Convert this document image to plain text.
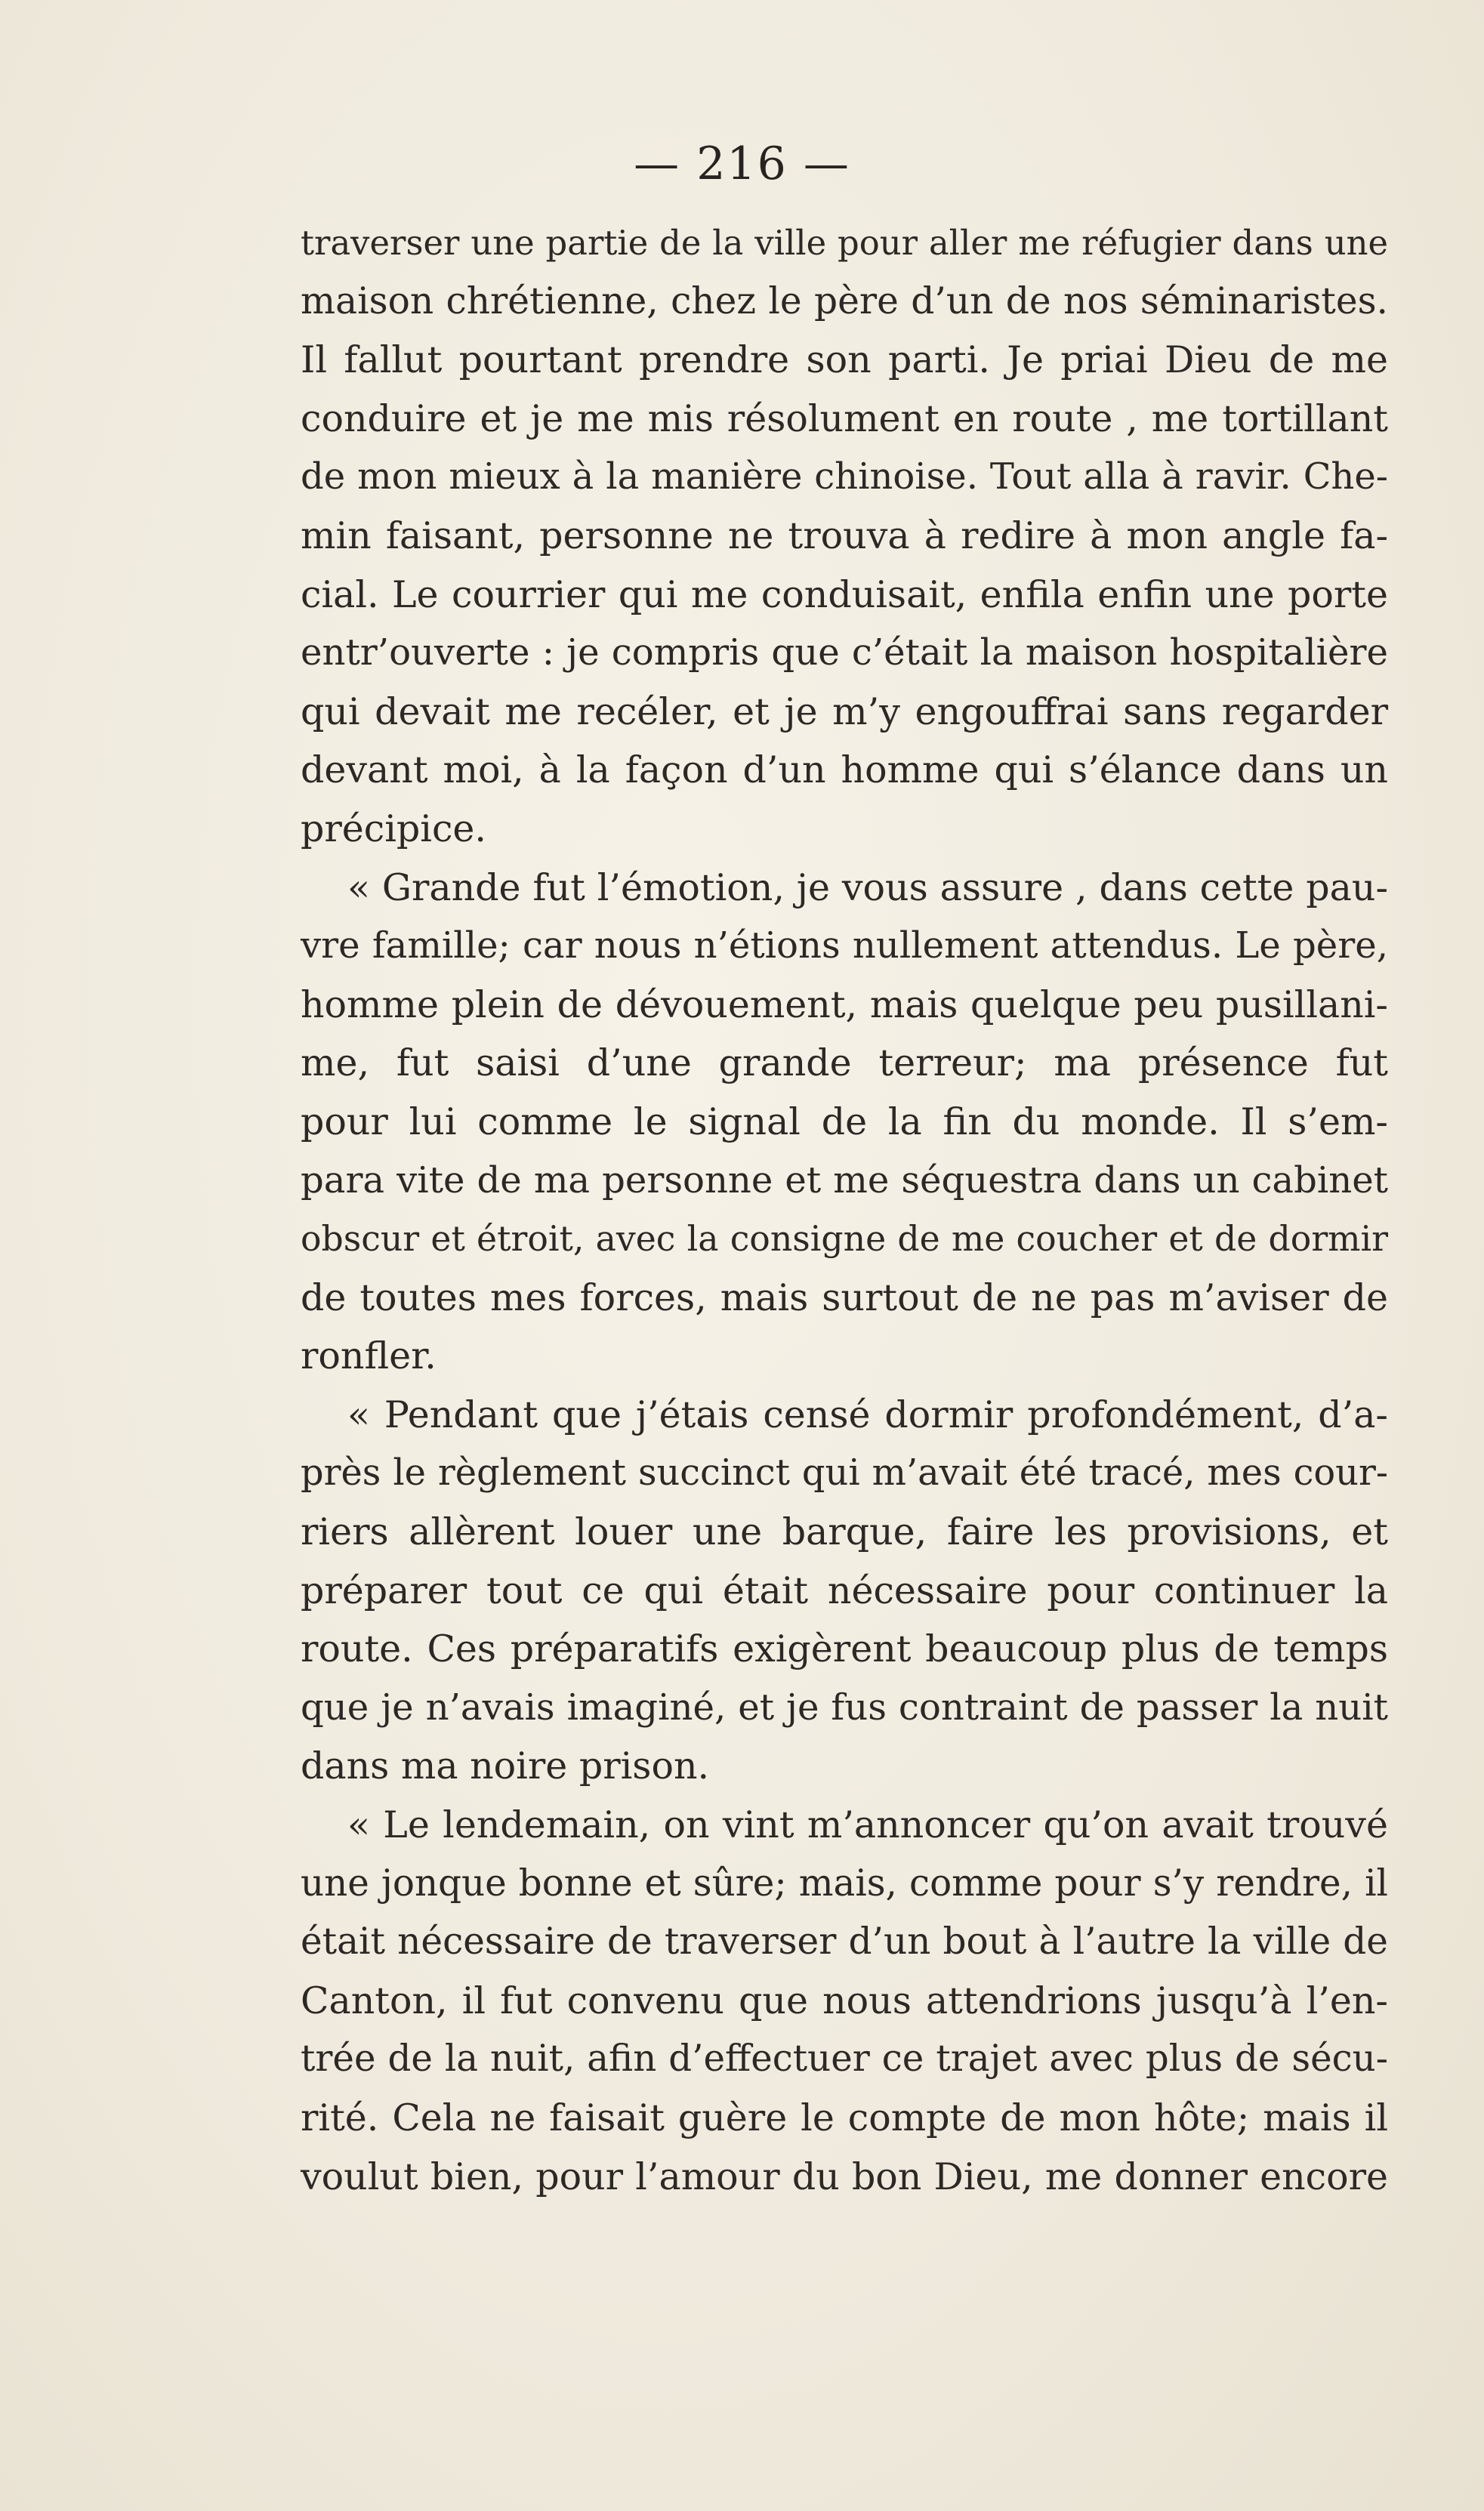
— 216 —
traverser une partie de la ville pour aller me réfugier dans une
maison chrétienne, chez le père d’un de nos séminaristes.
Il fallut pourtant prendre son parti. Je priai Dieu de me
conduire et je me mis résolument en route , me tortillant
de mon mieux à la manière chinoise. Tout alla à ravir. Che-
min faisant, personne ne trouva à redire à mon angle fa-
cial. Le courrier qui me conduisait, enfila enfin une porte
entr’ouverte : je compris que c’était la maison hospitalière
qui devait me recéler, et je m’y engouffrai sans regarder
devant moi, à la façon d’un homme qui s’élance dans un
précipice.
« Grande fut l’émotion, je vous assure , dans cette pau-
vre famille; car nous n’étions nullement attendus. Le père,
homme plein de dévouement, mais quelque peu pusillani-
me, fut saisi d’une grande terreur; ma présence fut
pour lui comme le signal de la fin du monde. Il s’em-
para vite de ma personne et me séquestra dans un cabinet
obscur et étroit, avec la consigne de me coucher et de dormir
de toutes mes forces, mais surtout de ne pas m’aviser de
ronfler.
« Pendant que j’étais censé dormir profondément, d’a-
près le règlement succinct qui m’avait été tracé, mes cour-
riers allèrent louer une barque, faire les provisions, et
préparer tout ce qui était nécessaire pour continuer la
route. Ces préparatifs exigèrent beaucoup plus de temps
que je n’avais imaginé, et je fus contraint de passer la nuit
dans ma noire prison.
« Le lendemain, on vint m’annoncer qu’on avait trouvé
une jonque bonne et sûre; mais, comme pour s’y rendre, il
était nécessaire de traverser d’un bout à l’autre la ville de
Canton, il fut convenu que nous attendrions jusqu’à l’en-
trée de la nuit, afin d’effectuer ce trajet avec plus de sécu-
rité. Cela ne faisait guère le compte de mon hôte; mais il
voulut bien, pour l’amour du bon Dieu, me donner encore
